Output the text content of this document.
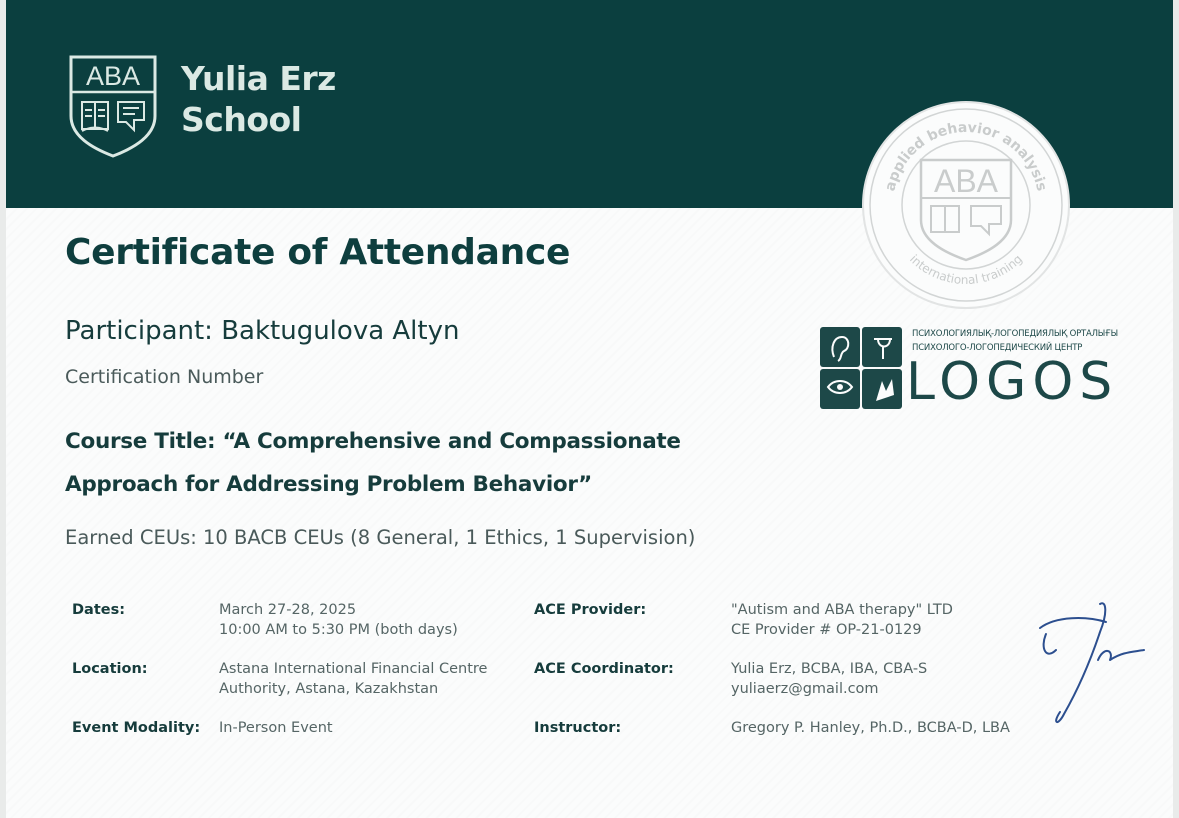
ABA Yulia Erz
School
applied behavior analysis
international training
ABA
Certificate of Attendance
Participant: Baktugulova Altyn
Certification Number
Course Title: “A Comprehensive and Compassionate
Approach for Addressing Problem Behavior”
Earned CEUs: 10 BACB CEUs (8 General, 1 Ethics, 1 Supervision)
ПСИХОЛОГИЯЛЫҚ-ЛОГОПЕДИЯЛЫҚ ОРТАЛЫҒЫ
ПСИХОЛОГО-ЛОГОПЕДИЧЕСКИЙ ЦЕНТР
LOGOS
Dates:	March 27-28, 2025
10:00 AM to 5:30 PM (both days)
Location:	Astana International Financial Centre
Authority, Astana, Kazakhstan
Event Modality: In-Person Event
ACE Provider:	"Autism and ABA therapy" LTD
CE Provider # OP-21-0129
ACE Coordinator:	Yulia Erz, BCBA, IBA, CBA-S
yuliaerz@gmail.com
Instructor:	Gregory P. Hanley, Ph.D., BCBA-D, LBA
